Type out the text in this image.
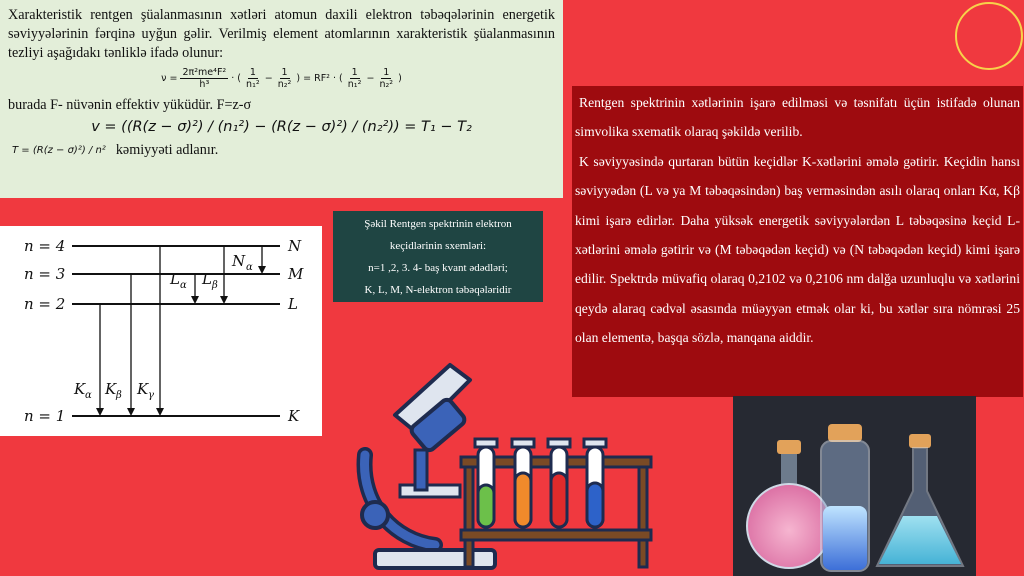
Xarakteristik rentgen şüalanmasının xətləri atomun daxili elektron təbəqələrinin energetik səviyyələrinin fərqinə uyğun gəlir. Verilmiş element atomlarının xarakteristik şüalanmasının tezliyi aşağıdakı tənliklə ifadə olunur:
$\nu = \frac{\text{2π²me⁴F²}}{\text{h³}}$ · ( $\frac{1}{\text{n₁²}} - \frac{1}{\text{n₂²}}$ ) = RF² · ( $\frac{1}{\text{n₁²}} - \frac{1}{\text{n₂²}}$ )
burada F- nüvənin effektiv yüküdür. F=z-σ
v = ((R(z − σ)²) / (n₁²) − (R(z − σ)²) / (n₂²)) = T₁ − T₂
T = (R(z − σ)²) / n² kəmiyyəti adlanır.
Şəkil Rentgen spektrinin elektron
keçidlərinin sxemləri:
n=1 ,2, 3. 4- baş kvant ədədləri;
K, L, M, N-elektron təbəqələridir
n = 4
n = 3
n = 2
n = 1
N
M
L
K
N α
L α L β
K α K β K γ

Rentgen spektrinin xətlərinin işarə edilməsi və təsnifatı üçün istifadə olunan simvolika sxematik olaraq şəkildə verilib.

K səviyyəsində qurtaran bütün keçidlər K-xətlərini əmələ gətirir. Keçidin hansı səviyyədən (L və ya M təbəqəsindən) baş verməsindən asılı olaraq onları Kα, Kβ kimi işarə edirlər. Daha yüksək energetik səviyyələrdən L təbəqəsinə keçid L-xətlərini əmələ gətirir və (M təbəqədən keçid) və (N təbəqədən keçid) kimi işarə edilir. Spektrdə müvafiq olaraq 0,2102 və 0,2106 nm dalğa uzunluqlu və xətlərini qeydə alaraq cədvəl əsasında müəyyən etmək olar ki, bu xətlər sıra nömrəsi 25 olan elementə, başqa sözlə, manqana aiddir.
